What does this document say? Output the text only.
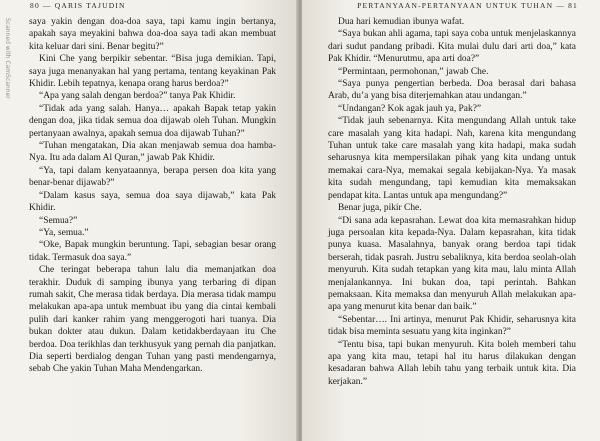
Scanned with CamScanner
80 — QARIS TAJUDIN

saya yakin dengan doa-doa saya, tapi kamu ingin bertanya, apakah saya meyakini bahwa doa-doa saya tadi akan membuat kita keluar dari sini. Benar begitu?”

Kini Che yang berpikir sebentar. “Bisa juga demikian. Tapi, saya juga menanyakan hal yang pertama, tentang keyakinan Pak Khidir. Lebih tepatnya, kenapa orang harus berdoa?”

“Apa yang salah dengan berdoa?” tanya Pak Khidir.

“Tidak ada yang salah. Hanya… apakah Bapak tetap yakin dengan doa, jika tidak semua doa dijawab oleh Tuhan. Mungkin pertanyaan awalnya, apakah semua doa dijawab Tuhan?”

“Tuhan mengatakan, Dia akan menjawab semua doa hamba-Nya. Itu ada dalam Al Quran,” jawab Pak Khidir.

“Ya, tapi dalam kenyataannya, berapa persen doa kita yang benar-benar dijawab?”

“Dalam kasus saya, semua doa saya dijawab,” kata Pak Khidir.

“Semua?”

“Ya, semua.”

“Oke, Bapak mungkin beruntung. Tapi, sebagian besar orang tidak. Termasuk doa saya.”

Che teringat beberapa tahun lalu dia memanjatkan doa terakhir. Duduk di samping ibunya yang terbaring di dipan rumah sakit, Che merasa tidak berdaya. Dia merasa tidak mampu melakukan apa-apa untuk membuat ibu yang dia cintai kembali pulih dari kanker rahim yang menggerogoti hari tuanya. Dia bukan dokter atau dukun. Dalam ketidakberdayaan itu Che berdoa. Doa terikhlas dan terkhusyuk yang pernah dia panjatkan. Dia seperti berdialog dengan Tuhan yang pasti mendengarnya, sebab Che yakin Tuhan Maha Mendengarkan.

PERTANYAAN-PERTANYAAN UNTUK TUHAN — 81

Dua hari kemudian ibunya wafat.

“Saya bukan ahli agama, tapi saya coba untuk menjelaskannya dari sudut pandang pribadi. Kita mulai dulu dari arti doa,” kata Pak Khidir. “Menurutmu, apa arti doa?”

“Permintaan, permohonan,” jawab Che.

“Saya punya pengertian berbeda. Doa berasal dari bahasa Arab, du’a yang bisa diterjemahkan atau undangan.”

“Undangan? Kok agak jauh ya, Pak?”

“Tidak jauh sebenarnya. Kita mengundang Allah untuk take care masalah yang kita hadapi. Nah, karena kita mengundang Tuhan untuk take care masalah yang kita hadapi, maka sudah seharusnya kita mempersilakan pihak yang kita undang untuk memakai cara-Nya, memakai segala kebijakan-Nya. Ya masak kita sudah mengundang, tapi kemudian kita memaksakan pendapat kita. Lantas untuk apa mengundang?”

Benar juga, pikir Che.

“Di sana ada kepasrahan. Lewat doa kita memasrahkan hidup juga persoalan kita kepada-Nya. Dalam kepasrahan, kita tidak punya kuasa. Masalahnya, banyak orang berdoa tapi tidak berserah, tidak pasrah. Justru sebaliknya, kita berdoa seolah-olah menyuruh. Kita sudah tetapkan yang kita mau, lalu minta Allah menjalankannya. Ini bukan doa, tapi perintah. Bahkan pemaksaan. Kita memaksa dan menyuruh Allah melakukan apa-apa yang menurut kita benar dan baik.”

“Sebentar…. Ini artinya, menurut Pak Khidir, seharusnya kita tidak bisa meminta sesuatu yang kita inginkan?”

“Tentu bisa, tapi bukan menyuruh. Kita boleh memberi tahu apa yang kita mau, tetapi hal itu harus dilakukan dengan kesadaran bahwa Allah lebih tahu yang terbaik untuk kita. Dia kerjakan.”
